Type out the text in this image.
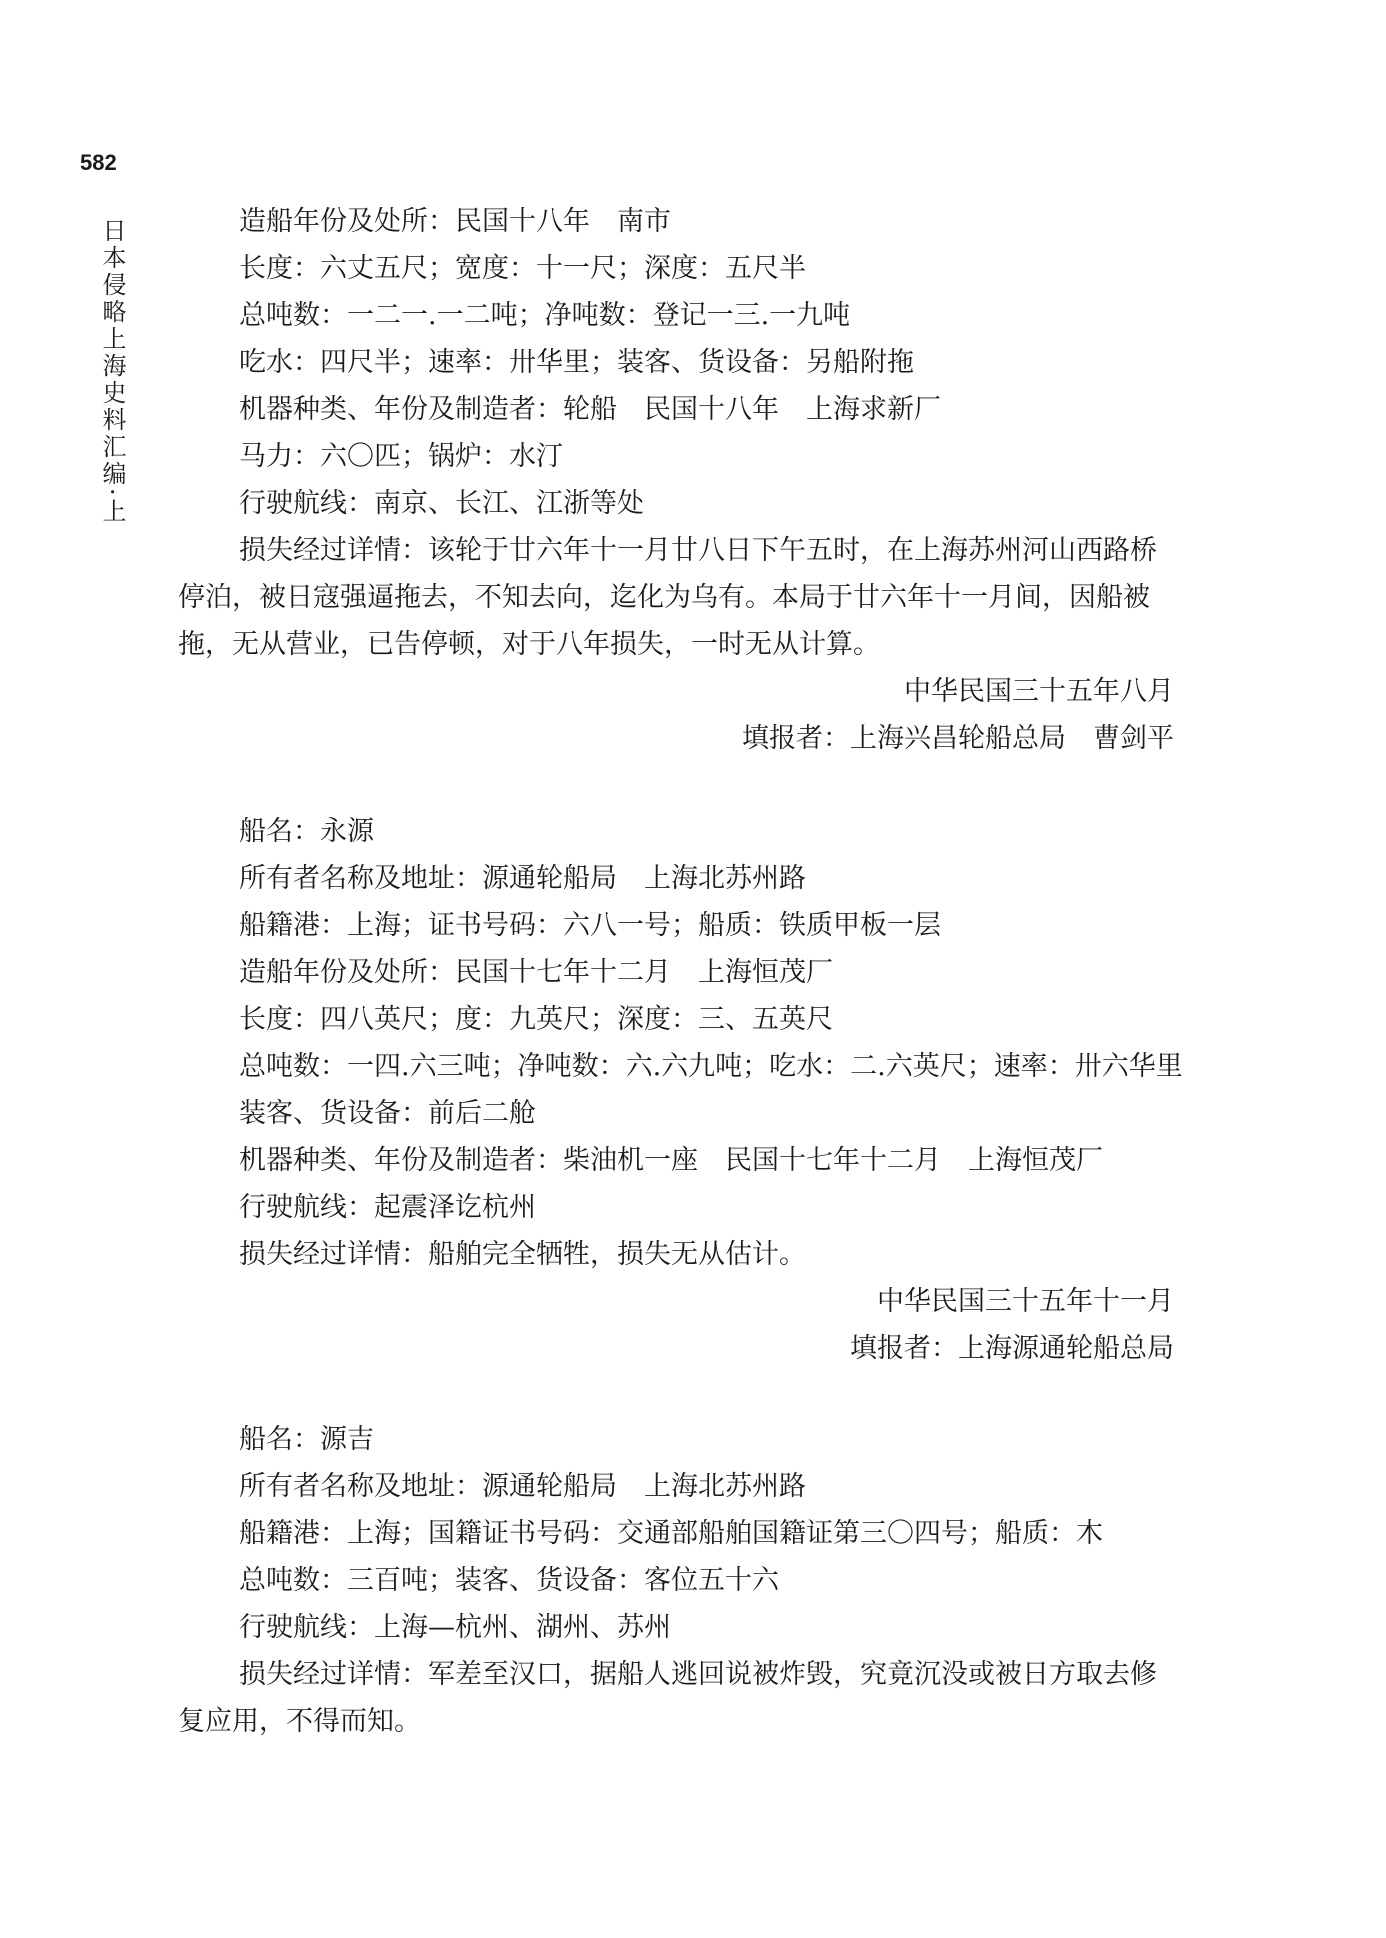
582
日本侵略上海史料汇编·上	造船年份及处所：民国十八年　南市
长度：六丈五尺；宽度：十一尺；深度：五尺半
总吨数：一二一.一二吨；净吨数：登记一三.一九吨
吃水：四尺半；速率：卅华里；装客、货设备：另船附拖
机器种类、年份及制造者：轮船　民国十八年　上海求新厂
马力：六〇匹；锅炉：水汀
行驶航线：南京、长江、江浙等处
损失经过详情：该轮于廿六年十一月廿八日下午五时，在上海苏州河山西路桥
停泊，被日寇强逼拖去，不知去向，迄化为乌有。本局于廿六年十一月间，因船被
拖，无从营业，已告停顿，对于八年损失，一时无从计算。
中华民国三十五年八月
填报者：上海兴昌轮船总局　曹剑平
船名：永源
所有者名称及地址：源通轮船局　上海北苏州路
船籍港：上海；证书号码：六八一号；船质：铁质甲板一层
造船年份及处所：民国十七年十二月　上海恒茂厂
长度：四八英尺；度：九英尺；深度：三、五英尺
总吨数：一四.六三吨；净吨数：六.六九吨；吃水：二.六英尺；速率：卅六华里
装客、货设备：前后二舱
机器种类、年份及制造者：柴油机一座　民国十七年十二月　上海恒茂厂
行驶航线：起震泽讫杭州
损失经过详情：船舶完全牺牲，损失无从估计。
中华民国三十五年十一月
填报者：上海源通轮船总局
船名：源吉
所有者名称及地址：源通轮船局　上海北苏州路
船籍港：上海；国籍证书号码：交通部船舶国籍证第三〇四号；船质：木
总吨数：三百吨；装客、货设备：客位五十六
行驶航线：上海—杭州、湖州、苏州
损失经过详情：军差至汉口，据船人逃回说被炸毁，究竟沉没或被日方取去修
复应用，不得而知。
